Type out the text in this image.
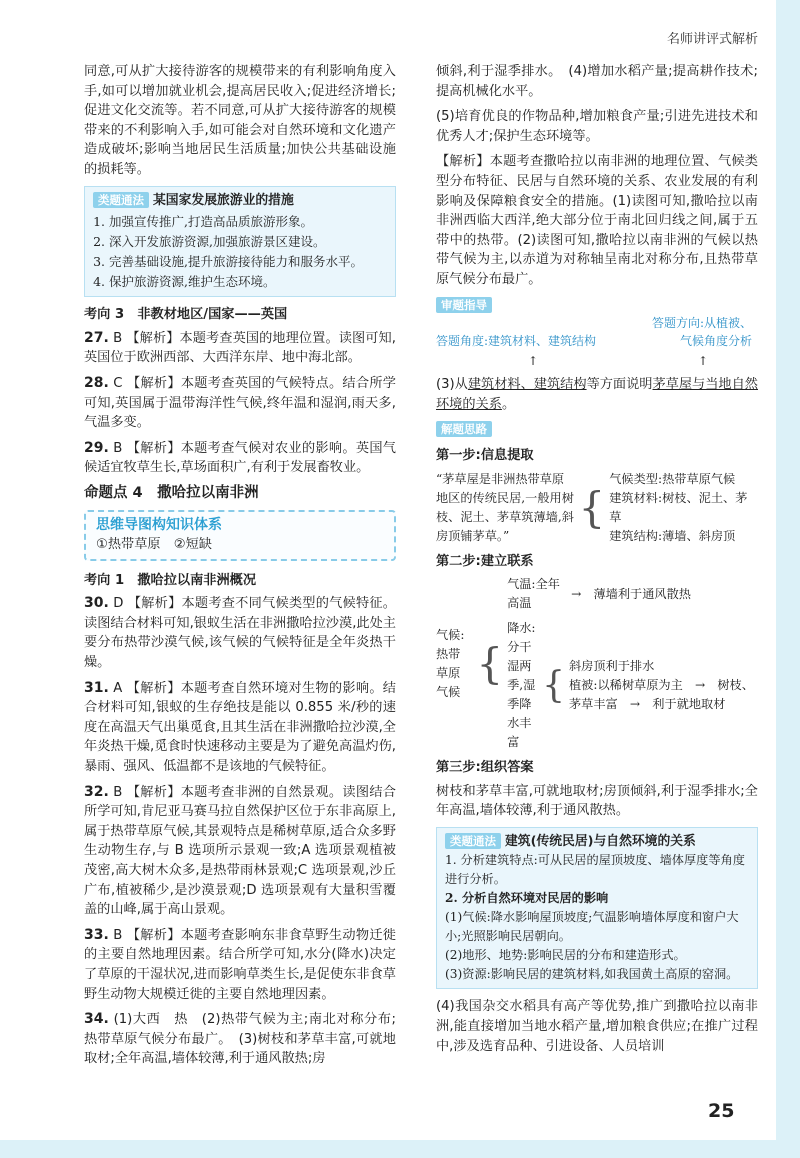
名师讲评式解析

同意,可从扩大接待游客的规模带来的有利影响角度入手,如可以增加就业机会,提高居民收入;促进经济增长;促进文化交流等。若不同意,可从扩大接待游客的规模带来的不利影响入手,如可能会对自然环境和文化遗产造成破坏;影响当地居民生活质量;加快公共基础设施的损耗等。

类题通法 某国家发展旅游业的措施
1. 加强宣传推广,打造高品质旅游形象。
2. 深入开发旅游资源,加强旅游景区建设。
3. 完善基础设施,提升旅游接待能力和服务水平。
4. 保护旅游资源,维护生态环境。
考向 3　非教材地区/国家——英国

27. B 【解析】本题考查英国的地理位置。读图可知,英国位于欧洲西部、大西洋东岸、地中海北部。

28. C 【解析】本题考查英国的气候特点。结合所学可知,英国属于温带海洋性气候,终年温和湿润,雨天多,气温多变。

29. B 【解析】本题考查气候对农业的影响。英国气候适宜牧草生长,草场面积广,有利于发展畜牧业。

命题点 4　撒哈拉以南非洲
思维导图构知识体系
①热带草原　②短缺
考向 1　撒哈拉以南非洲概况

30. D 【解析】本题考查不同气候类型的气候特征。读图结合材料可知,银蚁生活在非洲撒哈拉沙漠,此处主要分布热带沙漠气候,该气候的气候特征是全年炎热干燥。

31. A 【解析】本题考查自然环境对生物的影响。结合材料可知,银蚁的生存绝技是能以 0.855 米/秒的速度在高温天气出巢觅食,且其生活在非洲撒哈拉沙漠,全年炎热干燥,觅食时快速移动主要是为了避免高温灼伤,暴雨、强风、低温都不是该地的气候特征。

32. B 【解析】本题考查非洲的自然景观。读图结合所学可知,肯尼亚马赛马拉自然保护区位于东非高原上,属于热带草原气候,其景观特点是稀树草原,适合众多野生动物生存,与 B 选项所示景观一致;A 选项景观植被茂密,高大树木众多,是热带雨林景观;C 选项景观,沙丘广布,植被稀少,是沙漠景观;D 选项景观有大量积雪覆盖的山峰,属于高山景观。

33. B 【解析】本题考查影响东非食草野生动物迁徙的主要自然地理因素。结合所学可知,水分(降水)决定了草原的干湿状况,进而影响草类生长,是促使东非食草野生动物大规模迁徙的主要自然地理因素。

34. (1)大西　热　(2)热带气候为主;南北对称分布;热带草原气候分布最广。　(3)树枝和茅草丰富,可就地取材;全年高温,墙体较薄,利于通风散热;房

倾斜,利于湿季排水。　(4)增加水稻产量;提高耕作技术;提高机械化水平。

(5)培育优良的作物品种,增加粮食产量;引进先进技术和优秀人才;保护生态环境等。

【解析】本题考查撒哈拉以南非洲的地理位置、气候类型分布特征、民居与自然环境的关系、农业发展的有利影响及保障粮食安全的措施。(1)读图可知,撒哈拉以南非洲西临大西洋,绝大部分位于南北回归线之间,属于五带中的热带。(2)读图可知,撒哈拉以南非洲的气候以热带气候为主,以赤道为对称轴呈南北对称分布,且热带草原气候分布最广。

审题指导
答题方向:从植被、
答题角度:建筑材料、建筑结构	气候角度分析
↑	↑
(3)从建筑材料、建筑结构等方面说明茅草屋与当地自然环境的关系。
解题思路
第一步:信息提取
“茅草屋是非洲热带草原地区的传统民居,一般用树枝、泥土、茅草筑薄墙,斜房顶铺茅草。”
{
气候类型:热带草原气候
建筑材料:树枝、泥土、茅草
建筑结构:薄墙、斜房顶
第二步:建立联系
气候:热带草原气候
{
气温:全年高温
→　薄墙利于通风散热
降水:分干湿两季,湿季降水丰富
{ 斜房顶利于排水
植被:以稀树草原为主　→　树枝、茅草丰富　→　利于就地取材
第三步:组织答案

树枝和茅草丰富,可就地取材;房顶倾斜,利于湿季排水;全年高温,墙体较薄,利于通风散热。

类题通法 建筑(传统民居)与自然环境的关系
1. 分析建筑特点:可从民居的屋顶坡度、墙体厚度等角度进行分析。
2. 分析自然环境对民居的影响
(1)气候:降水影响屋顶坡度;气温影响墙体厚度和窗户大小;光照影响民居朝向。
(2)地形、地势:影响民居的分布和建造形式。
(3)资源:影响民居的建筑材料,如我国黄土高原的窑洞。

(4)我国杂交水稻具有高产等优势,推广到撒哈拉以南非洲,能直接增加当地水稻产量,增加粮食供应;在推广过程中,涉及选育品种、引进设备、人员培训

25
